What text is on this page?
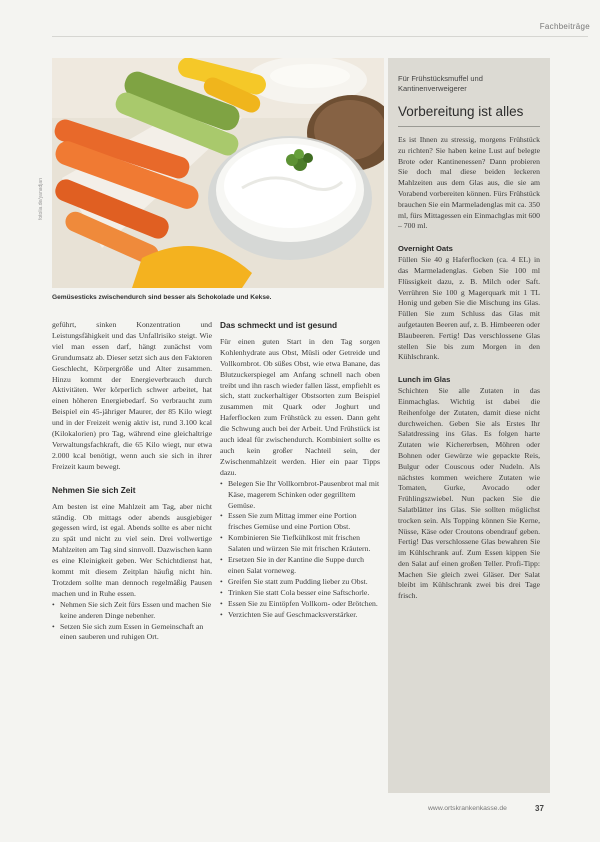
Fachbeiträge
fotolia.de/yanadjan
Gemüsesticks zwischendurch sind besser als Schokolade und Kekse.
Für Frühstücksmuffel und
Kantinenverweigerer
Vorbereitung ist alles
Es ist Ihnen zu stressig, morgens Frühstück zu richten? Sie haben keine Lust auf belegte Brote oder Kantinenessen? Dann probieren Sie doch mal diese beiden leckeren Mahlzeiten aus dem Glas aus, die sie am Vorabend vorbereiten können. Fürs Frühstück brauchen Sie ein Marmeladenglas mit ca. 350 ml, fürs Mittagessen ein Einmachglas mit 600 – 700 ml.
Overnight Oats
Füllen Sie 40 g Haferflocken (ca. 4 EL) in das Marmeladenglas. Geben Sie 100 ml Flüssigkeit dazu, z. B. Milch oder Saft. Verrühren Sie 100 g Magerquark mit 1 TL Honig und geben Sie die Mischung ins Glas. Füllen Sie zum Schluss das Glas mit aufgetauten Beeren auf, z. B. Himbeeren oder Blaubeeren. Fertig! Das verschlossene Glas stellen Sie bis zum Morgen in den Kühlschrank.
Lunch im Glas
Schichten Sie alle Zutaten in das Einmachglas. Wichtig ist dabei die Reihenfolge der Zutaten, damit diese nicht durchweichen. Geben Sie als Erstes Ihr Salatdressing ins Glas. Es folgen harte Zutaten wie Kichererbsen, Möhren oder Bohnen oder Gewürze wie gepackte Reis, Bulgur oder Couscous oder Nudeln. Als nächstes kommen weichere Zutaten wie Tomaten, Gurke, Avocado oder Frühlingszwiebel. Nun packen Sie die Salatblätter ins Glas. Sie sollten möglichst trocken sein. Als Topping können Sie Kerne, Nüsse, Käse oder Croutons obendrauf geben. Fertig! Das verschlossene Glas bewahren Sie im Kühlschrank auf. Zum Essen kippen Sie den Salat auf einen großen Teller. Profi-Tipp: Machen Sie gleich zwei Gläser. Der Salat bleibt im Kühlschrank zwei bis drei Tage frisch.

geführt, sinken Konzentration und Leistungsfähigkeit und das Unfallrisiko steigt. Wie viel man essen darf, hängt zunächst vom Grundumsatz ab. Dieser setzt sich aus den Faktoren Geschlecht, Körpergröße und Alter zusammen. Hinzu kommt der Energieverbrauch durch Aktivitäten. Wer körperlich schwer arbeitet, hat einen höheren Energiebedarf. So verbraucht zum Beispiel ein 45-jähriger Maurer, der 85 Kilo wiegt und in der Freizeit wenig aktiv ist, rund 3.100 kcal (Kilokalorien) pro Tag, während eine gleichaltrige Verwaltungsfachkraft, die 65 Kilo wiegt, nur etwa 2.000 kcal benötigt, wenn auch sie sich in ihrer Freizeit kaum bewegt.

Nehmen Sie sich Zeit

Am besten ist eine Mahlzeit am Tag, aber nicht ständig. Ob mittags oder abends ausgiebiger gegessen wird, ist egal. Abends sollte es aber nicht zu spät und nicht zu viel sein. Drei vollwertige Mahlzeiten am Tag sind sinnvoll. Dazwischen kann es eine Kleinigkeit geben. Wer Schichtdienst hat, kommt mit diesem Zeitplan häufig nicht hin. Trotzdem sollte man dennoch regelmäßig Pausen machen und in Ruhe essen.

• Nehmen Sie sich Zeit fürs Essen und machen Sie keine anderen Dinge nebenher.
• Setzen Sie sich zum Essen in Gemeinschaft an einen sauberen und ruhigen Ort.
Das schmeckt und ist gesund

Für einen guten Start in den Tag sorgen Kohlenhydrate aus Obst, Müsli oder Getreide und Vollkornbrot. Ob süßes Obst, wie etwa Banane, das Blutzuckerspiegel am Anfang schnell nach oben treibt und ihn rasch wieder fallen lässt, empfiehlt es sich, statt zuckerhaltiger Obstsorten zum Beispiel zusammen mit Quark oder Joghurt und Haferflocken zum Frühstück zu essen. Dann geht die Schwung auch bei der Arbeit. Und Frühstück ist auch ideal für zwischendurch. Kombiniert sollte es auch kein großer Nachteil sein, der Zwischenmahlzeit werden. Hier ein paar Tipps dazu.

• Belegen Sie Ihr Vollkornbrot-Pausenbrot mal mit Käse, magerem Schinken oder gegrilltem Gemüse.
• Essen Sie zum Mittag immer eine Portion frisches Gemüse und eine Portion Obst.
• Kombinieren Sie Tiefkühlkost mit frischen Salaten und würzen Sie mit frischen Kräutern.
• Ersetzen Sie in der Kantine die Suppe durch einen Salat vorneweg.
• Greifen Sie statt zum Pudding lieber zu Obst.
• Trinken Sie statt Cola besser eine Saftschorle.
• Essen Sie zu Eintöpfen Vollkorn- oder Brötchen.
• Verzichten Sie auf Geschmacksverstärker.
www.ortskrankenkasse.de	37
